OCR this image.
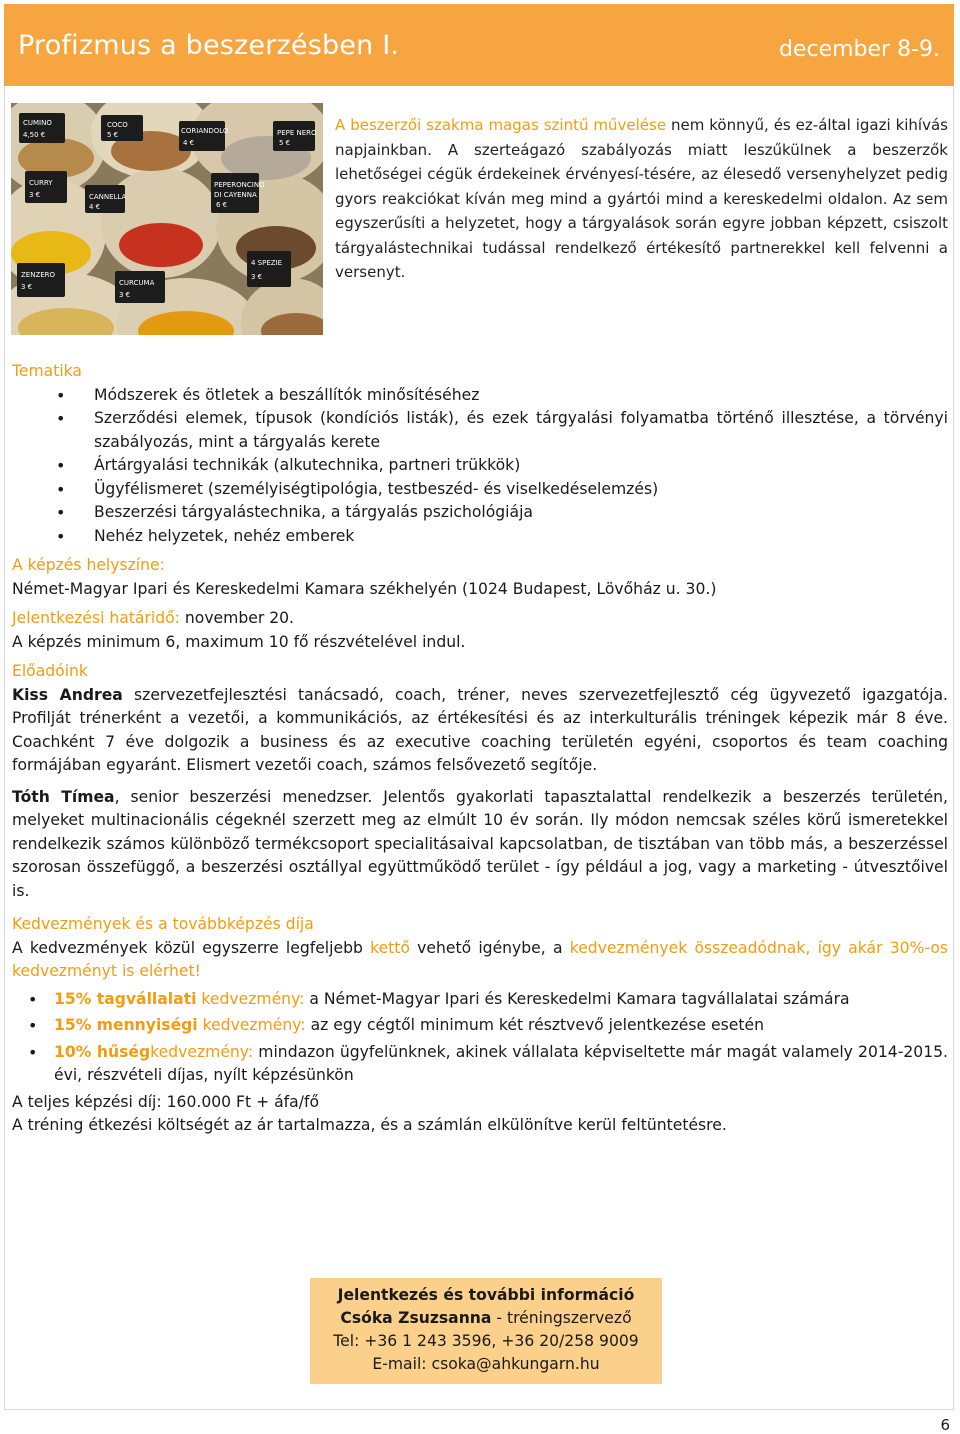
Profizmus a beszerzésben I.	december 8-9.
CUMINO
4,50 €
COCO
5 €	CORIANDOLO
4 €
PEPE NERO
5 €
CURRY
3 €	CANNELLA
4 €
PEPERONCINO
DI CAYENNA
6 €
ZENZERO
3 €	CURCUMA
3 €
4 SPEZIE
3 €
A beszerzői szakma magas szintű művelése nem könnyű, és ez-által igazi kihívás napjainkban. A szerteágazó szabályozás miatt leszűkülnek a beszerzők lehetőségei cégük érdekeinek érvényesí-tésére, az élesedő versenyhelyzet pedig gyors reakciókat kíván meg mind a gyártói mind a kereskedelmi oldalon. Az sem egyszerűsíti a helyzetet, hogy a tárgyalások során egyre jobban képzett, csiszolt tárgyalástechnikai tudással rendelkező értékesítő partnerekkel kell felvenni a versenyt.
Tematika
• Módszerek és ötletek a beszállítók minősítéséhez
• Szerződési elemek, típusok (kondíciós listák), és ezek tárgyalási folyamatba történő illesztése, a törvényi szabályozás, mint a tárgyalás kerete
• Ártárgyalási technikák (alkutechnika, partneri trükkök)
• Ügyfélismeret (személyiségtipológia, testbeszéd- és viselkedéselemzés)
• Beszerzési tárgyalástechnika, a tárgyalás pszichológiája
• Nehéz helyzetek, nehéz emberek
A képzés helyszíne:

Német-Magyar Ipari és Kereskedelmi Kamara székhelyén (1024 Budapest, Lövőház u. 30.)

Jelentkezési határidő: november 20.

A képzés minimum 6, maximum 10 fő részvételével indul.

Előadóink

Kiss Andrea szervezetfejlesztési tanácsadó, coach, tréner, neves szervezetfejlesztő cég ügyvezető igazgatója. Profilját trénerként a vezetői, a kommunikációs, az értékesítési és az interkulturális tréningek képezik már 8 éve. Coachként 7 éve dolgozik a business és az executive coaching területén egyéni, csoportos és team coaching formájában egyaránt. Elismert vezetői coach, számos felsővezető segítője.

Tóth Tímea, senior beszerzési menedzser. Jelentős gyakorlati tapasztalattal rendelkezik a beszerzés területén, melyeket multinacionális cégeknél szerzett meg az elmúlt 10 év során. Ily módon nemcsak széles körű ismeretekkel rendelkezik számos különböző termékcsoport specialitásaival kapcsolatban, de tisztában van több más, a beszerzéssel szorosan összefüggő, a beszerzési osztállyal együttműködő terület - így például a jog, vagy a marketing - útvesztőivel is.

Kedvezmények és a továbbképzés díja

A kedvezmények közül egyszerre legfeljebb kettő vehető igénybe, a kedvezmények összeadódnak, így akár 30%-os kedvezményt is elérhet!

• 15% tagvállalati kedvezmény: a Német-Magyar Ipari és Kereskedelmi Kamara tagvállalatai számára
• 15% mennyiségi kedvezmény: az egy cégtől minimum két résztvevő jelentkezése esetén
• 10% hűségkedvezmény: mindazon ügyfelünknek, akinek vállalata képviseltette már magát valamely 2014-2015. évi, részvételi díjas, nyílt képzésünkön

A teljes képzési díj: 160.000 Ft + áfa/fő

A tréning étkezési költségét az ár tartalmazza, és a számlán elkülönítve kerül feltüntetésre.

Jelentkezés és további információ
Csóka Zsuzsanna - tréningszervező
Tel: +36 1 243 3596, +36 20/258 9009
E-mail: csoka@ahkungarn.hu
6
